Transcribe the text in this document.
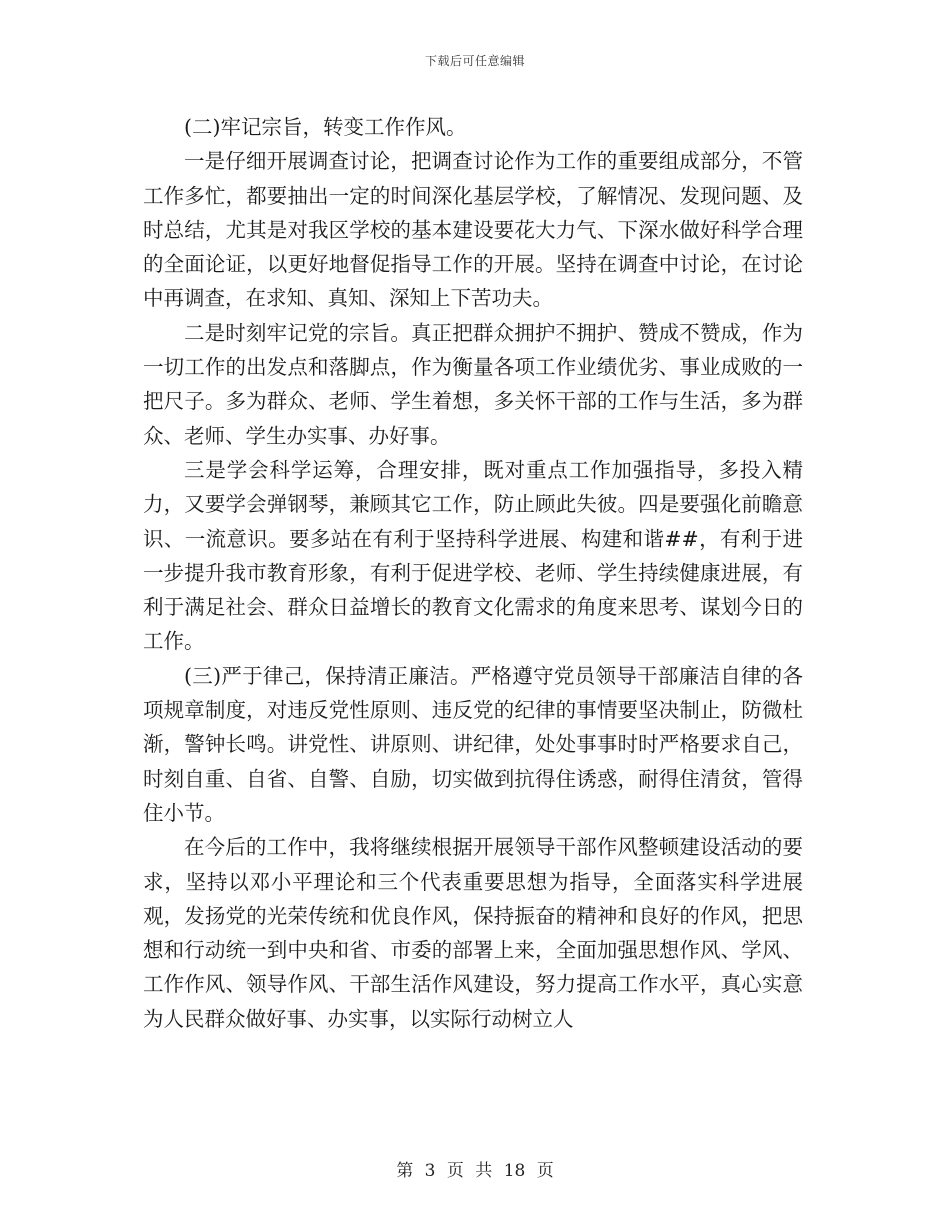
下载后可任意编辑

(二)牢记宗旨，转变工作作风。

一是仔细开展调查讨论，把调查讨论作为工作的重要组成部分，不管工作多忙，都要抽出一定的时间深化基层学校，了解情况、发现问题、及时总结，尤其是对我区学校的基本建设要花大力气、下深水做好科学合理的全面论证，以更好地督促指导工作的开展。坚持在调查中讨论，在讨论中再调查，在求知、真知、深知上下苦功夫。

二是时刻牢记党的宗旨。真正把群众拥护不拥护、赞成不赞成，作为一切工作的出发点和落脚点，作为衡量各项工作业绩优劣、事业成败的一把尺子。多为群众、老师、学生着想，多关怀干部的工作与生活，多为群众、老师、学生办实事、办好事。

三是学会科学运筹，合理安排，既对重点工作加强指导，多投入精力，又要学会弹钢琴，兼顾其它工作，防止顾此失彼。四是要强化前瞻意识、一流意识。要多站在有利于坚持科学进展、构建和谐##，有利于进一步提升我市教育形象，有利于促进学校、老师、学生持续健康进展，有利于满足社会、群众日益增长的教育文化需求的角度来思考、谋划今日的工作。

(三)严于律己，保持清正廉洁。严格遵守党员领导干部廉洁自律的各项规章制度，对违反党性原则、违反党的纪律的事情要坚决制止，防微杜渐，警钟长鸣。讲党性、讲原则、讲纪律，处处事事时时严格要求自己，时刻自重、自省、自警、自励，切实做到抗得住诱惑，耐得住清贫，管得住小节。

在今后的工作中，我将继续根据开展领导干部作风整顿建设活动的要求，坚持以邓小平理论和三个代表重要思想为指导，全面落实科学进展观，发扬党的光荣传统和优良作风，保持振奋的精神和良好的作风，把思想和行动统一到中央和省、市委的部署上来，全面加强思想作风、学风、工作作风、领导作风、干部生活作风建设，努力提高工作水平，真心实意为人民群众做好事、办实事，以实际行动树立人

第 3 页 共 18 页
